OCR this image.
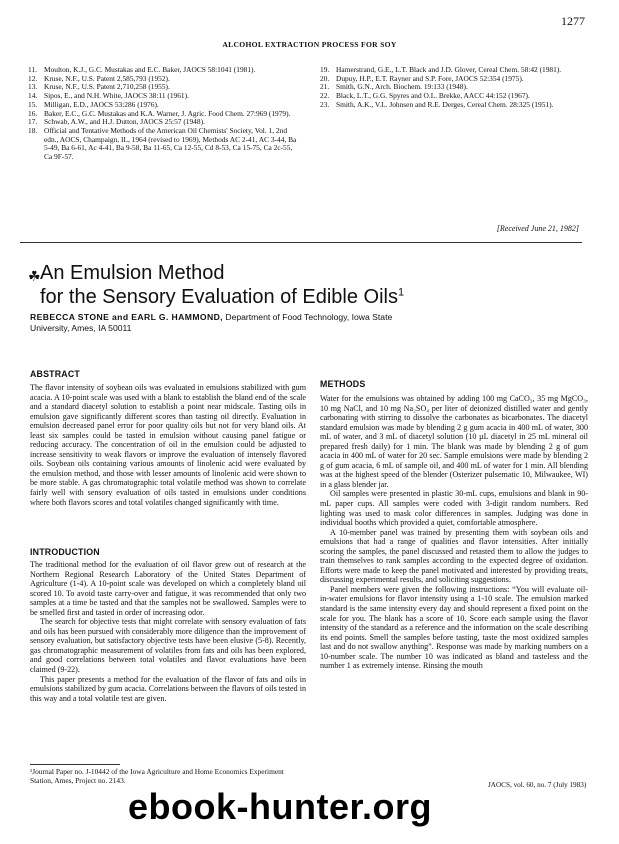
1277
ALCOHOL EXTRACTION PROCESS FOR SOY
11. Moulton, K.J., G.C. Mustakas and E.C. Baker, JAOCS 58:1041 (1981).
12. Kruse, N.F., U.S. Patent 2,585,793 (1952).
13. Kruse, N.F., U.S. Patent 2,710,258 (1955).
14. Sipos, E., and N.H. White, JAOCS 38:11 (1961).
15. Milligan, E.D., JAOCS 53:286 (1976).
16. Baker, E.C., G.C. Mustakas and K.A. Warner, J. Agric. Food Chem. 27:969 (1979).
17. Schwab, A.W., and H.J. Dutton, JAOCS 25:57 (1948).
18. Official and Tentative Methods of the American Oil Chemists' Society, Vol. 1, 2nd edn., AOCS, Champaign, IL, 1964 (revised to 1969), Methods AC 2-41, AC 3-44, Ba 5-49, Ba 6-61, Ac 4-41, Ba 9-58, Ba 11-65, Ca 12-55, Cd 8-53, Ca 15-75, Ca 2c-55, Ca 9F-57.
19. Hamerstrand, G.E., L.T. Black and J.D. Glover, Cereal Chem. 58:42 (1981).
20. Dupuy, H.P., E.T. Rayner and S.P. Fore, JAOCS 52:354 (1975).
21. Smith, G.N., Arch. Biochem. 19:133 (1948).
22. Black, L.T., G.G. Spyres and O.L. Brekke, AACC 44:152 (1967).
23. Smith, A.K., V.L. Johnsen and R.E. Derges, Cereal Chem. 28:325 (1951).
[Received June 21, 1982]
☘ An Emulsion Method
for the Sensory Evaluation of Edible Oils$^1$
REBECCA STONE and EARL G. HAMMOND, Department of Food Technology, Iowa State University, Ames, IA 50011
ABSTRACT

The flavor intensity of soybean oils was evaluated in emulsions stabilized with gum acacia. A 10-point scale was used with a blank to establish the bland end of the scale and a standard diacetyl solution to establish a point near midscale. Tasting oils in emulsion gave significantly different scores than tasting oil directly. Evaluation in emulsion decreased panel error for poor quality oils but not for very bland oils. At least six samples could be tasted in emulsion without causing panel fatigue or reducing accuracy. The concentration of oil in the emulsion could be adjusted to increase sensitivity to weak flavors or improve the evaluation of intensely flavored oils. Soybean oils containing various amounts of linolenic acid were evaluated by the emulsion method, and those with lesser amounts of linolenic acid were shown to be more stable. A gas chromatographic total volatile method was shown to correlate fairly well with sensory evaluation of oils tasted in emulsions under conditions where both flavors scores and total volatiles changed significantly with time.

INTRODUCTION

The traditional method for the evaluation of oil flavor grew out of research at the Northern Regional Research Laboratory of the United States Department of Agriculture (1-4). A 10-point scale was developed on which a completely bland oil scored 10. To avoid taste carry-over and fatigue, it was recommended that only two samples at a time be tasted and that the samples not be swallowed. Samples were to be smelled first and tasted in order of increasing odor.

The search for objective tests that might correlate with sensory evaluation of fats and oils has been pursued with considerably more diligence than the improvement of sensory evaluation, but satisfactory objective tests have been elusive (5-8). Recently, gas chromatographic measurement of volatiles from fats and oils has been explored, and good correlations between total volatiles and flavor evaluations have been claimed (9-22).

This paper presents a method for the evaluation of the flavor of fats and oils in emulsions stabilized by gum acacia. Correlations between the flavors of oils tested in this way and a total volatile test are given.

¹Journal Paper no. J-10442 of the Iowa Agriculture and Home Economics Experiment Station, Ames, Project no. 2143.
METHODS

Water for the emulsions was obtained by adding 100 mg CaCO₃, 35 mg MgCO₃, 10 mg NaCl, and 10 mg Na₂SO₄ per liter of deionized distilled water and gently carbonating with stirring to dissolve the carbonates as bicarbonates. The diacetyl standard emulsion was made by blending 2 g gum acacia in 400 mL of water, 300 mL of water, and 3 mL of diacetyl solution (10 µL diacetyl in 25 mL mineral oil prepared fresh daily) for 1 min. The blank was made by blending 2 g of gum acacia in 400 mL of water for 20 sec. Sample emulsions were made by blending 2 g of gum acacia, 6 mL of sample oil, and 400 mL of water for 1 min. All blending was at the highest speed of the blender (Osterizer pulsematic 10, Milwaukee, WI) in a glass blender jar.

Oil samples were presented in plastic 30-mL cups, emulsions and blank in 90-mL paper cups. All samples were coded with 3-digit random numbers. Red lighting was used to mask color differences in samples. Judging was done in individual booths which provided a quiet, comfortable atmosphere.

A 10-member panel was trained by presenting them with soybean oils and emulsions that had a range of qualities and flavor intensities. After initially scoring the samples, the panel discussed and retasted them to allow the judges to train themselves to rank samples according to the expected degree of oxidation. Efforts were made to keep the panel motivated and interested by providing treats, discussing experimental results, and soliciting suggestions.

Panel members were given the following instructions: “You will evaluate oil-in-water emulsions for flavor intensity using a 1-10 scale. The emulsion marked standard is the same intensity every day and should represent a fixed point on the scale for you. The blank has a score of 10. Score each sample using the flavor intensity of the standard as a reference and the information on the scale describing its end points. Smell the samples before tasting, taste the most oxidized samples last and do not swallow anything”. Response was made by marking numbers on a 10-number scale. The number 10 was indicated as bland and tasteless and the number 1 as extremely intense. Rinsing the mouth

JAOCS, vol. 60, no. 7 (July 1983)
ebook-hunter.org
